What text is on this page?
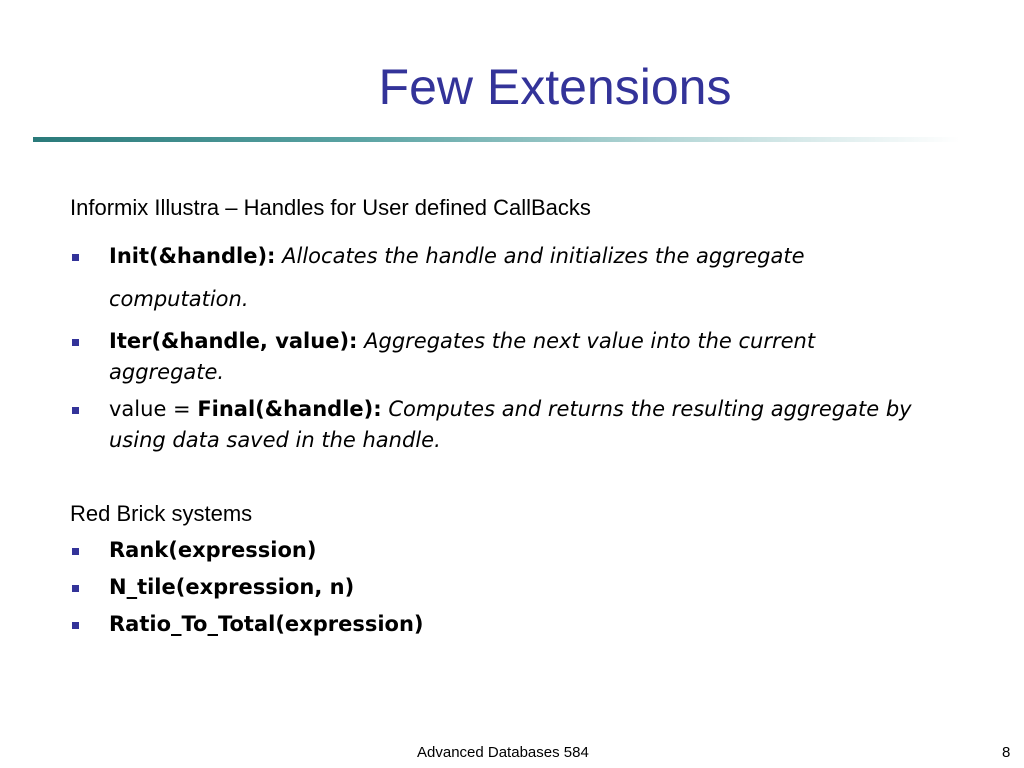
Few Extensions
Informix Illustra – Handles for User defined CallBacks
Init(&handle): Allocates the handle and initializes the aggregate
computation.
Iter(&handle, value): Aggregates the next value into the current
aggregate.
value = Final(&handle): Computes and returns the resulting aggregate by
using data saved in the handle.
Red Brick systems
Rank(expression)
N_tile(expression, n)
Ratio_To_Total(expression)
Advanced Databases 584	8
